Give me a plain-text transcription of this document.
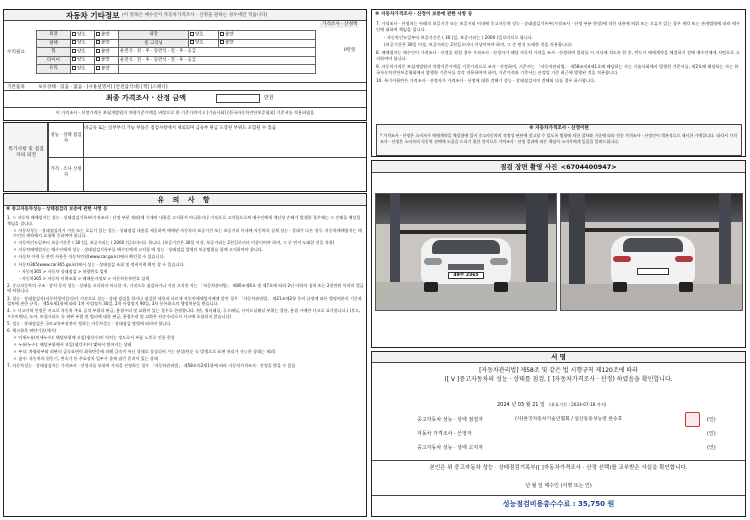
자동차 기타정보 (이 항목은 매수인이 자동차가격조사 · 산정을 원하는 경우에만 적습니다)
가격조사 · 산정액
0만원
수리필요
외장	양호	불량	내장	양호	불량
광택	양호	불량	룸 크리닝	양호	불량
휠	양호	불량	운전석 · 전 · 후 · 동반석 · 전 · 후 · 응급		
타이어	양호	불량	운전석 · 전 · 후 · 동반석 · 전 · 후 · 응급		
유리	양호	불량			
기본품목	보유상태 · 있음 · 없음 · [사용설명서] [안전삼각대] [잭] [스패너]
최종 가격조사 · 산정 금액	만원
이 가격조사 · 산정가격은 보험개발원의 차량기준가액을 바탕으로 한 기준가격이고 [기술사회] [한국자동차진단보증협회] 기준서를 적용하였음
특기사항 및 점검자의 의견
비금속 또는 일부부식 가능 부품은 점검사항에서 제외되며 금속부 판금 도장된 부위도 포함될 수 있음
성능 · 상태 점검자
가격 · 조사 산정자
유 의 사 항
※ 중고자동차성능 · 상태점검의 보증에 관한 사항 등

1. ㅇ 자동차 매매업자는 성능 · 상태점검기록부(가격조사 · 산정 부분 제외)에 기재된 내용을 고지하지 아니하거나 거짓으로 고지함으로써 매수인에게 재산상 손해가 발생한 경우에는 그 손해를 배상할 책임을 집니다.

ㅇ 자동차성능 · 상태점검자가 거짓 또는 오류가 있는 성능 · 상태점검 내용을 제공하여 매매된 자동차의 보증기간 또는 보증거리 이내에 자동차의 실제 성능 · 상태가 다른 경우, 자동차매매업자는 매수인의 계약해지 요청에 응하여야 합니다.

ㅇ 자동차인도일부터 보증기간은 ( 30 )일, 보증거리는 ( 2000 )킬로미터로 합니다. (보증기간은 30일 이상, 보증거리는 2천킬로미터 이상이어야 하며, 그 중 먼저 도래한 것을 적용)

ㅇ 자동차매매업자는 매수인에게 성능 · 상태점검기록부를 매수인에게 고지할 때 성능 · 상태점검 업체의 보증범위를 함께 고지하여야 합니다.

ㅇ 자동차 이력 등 관련 사항은 자동차민원(www.car.go.kr)에서 확인할 수 있습니다.

ㅇ 자동차365(www.car365.go.kr)에서 성능 · 상태점검 조회 및 정비이력 확인 할 수 있습니다.

- 자동차365 > 자동차 상태점검 > 차량번호 입력

- 자동차365 > 자동차 이력조회 > 매매용자정보 > 자동차등록번호 검색

2. 중고자동차의 구조 · 장치 등의 성능 · 상태를 고지하지 아니한 자, 거짓으로 점검하거나 거짓 고지한 자는 「자동차관리법」 제80조제6호 및 제7호에 따라 2년 이하의 징역 또는 2천만원 이하의 벌금에 처합니다.

3. 성능 · 상태점검자(자동차정비업자)가 거짓으로 성능 · 상태 점검을 하거나 점검한 내용과 다르게 자동차매매업자에게 알린 경우 「자동차관리법」 제21조제2항 등의 규정에 따른 행정처분의 기준과 절차에 관한 규칙」 제5조제1항에 따라 1차 사업정지 30일, 2차 사업정지 90일, 3차 등록취소의 행정처분을 받습니다.

4. ㅇ 사고이력 인정은 사고로 자동차 주요 골격 부위의 판금, 용접수리 및 교환이 있는 경우로 한정합니다. (단, 쿼터패널, 루프패널, 사이드실패널 부위는 절단, 용접 시에만 사고로 표기합니다.) (후드, 프론트펜더, 도어, 트렁크리드 등 외판 부위 및 범퍼에 대한 판금, 용접수리 및 교환은 단순수리로서 사고에 포함되지 않습니다)

5. 성능 · 상태점검은 국토교통부장관이 정하는 자동차성능 · 상태점검 방법에 따라야 합니다.

6. 체크항목 판단기준(예시)

ㅇ 미세누유(미세누수): 해당부위에 오일(냉각수)이 비치는 정도로서 부품 노후로 인한 현상

ㅇ 누유(누수): 해당부위에서 오일(냉각수)이 맺혀서 떨어지는 상태

ㅇ 부식: 차량하부와 외판의 금속표면이 화학반응에 의해 금속이 아닌 상태로 상실되어 가는 현상(단순 녹 발생으로 표면 처리가 가능한 상태는 제외)

ㅇ 침수: 자동차의 원동기, 변속기 등 주요장치 일부가 물에 잠긴 흔적이 있는 상태

7. 자동차성능 · 상태점검자는 가격조사 · 산정자를 통하여 가격을 산정하는 경우 「자동차관리법」 제58조의2제1항에 따라 자동차가격조사 · 산정을 받을 수 있음

※ 자동차가격조사 · 산정이 보증에 관한 사항 등

7. 가격조사 · 산정자는 아래의 보증기간 또는 보증거리 이내에 중고자동차 성능 · 상태점검기록부(가격조사 · 산정 부분 한정)에 적힌 내용에 허위 또는 오류가 있는 경우 계약 또는 관계법령에 따라 매수인에 대하여 책임을 집니다.

- 자동차인도일부터 보증기간은 ( 30 )일, 보증거리는 ( 2000 )킬로미터로 합니다.

(보증기간은 30일 이상, 보증거리는 2천킬로미터 이상이어야 하며, 그 중 먼저 도래한 것을 적용합니다)

8. 매매업자는 매수인이 가격조사 · 산정을 원할 경우 가격조사 · 산정자가 해당 자동차 가격을 조사 · 산정하여 결과를 이 서식에 적도록 한 후, 반드시 매매계약을 체결하기 전에 매수인에게 서면으로 고지하여야 합니다.

9. 자동차가격은 보험개발원의 차량기준가액을 기준가격으로 조사 · 산정하며, 기준서는 「자동차관리법」 제58조의4제1호에 해당하는 자는 기술사회에서 발행한 기준서를, 제2호에 해당하는 자는 한국자동차진단보증협회에서 발행한 기준서를 각각 적용하여야 하며, 기준가격과 기준서는 산정일 기준 최근에 발행된 것을 적용합니다.

10. 특기사항란은 가격조사 · 산정자가 가격조사 · 산정에 대한 견해가 성능 · 상태점검자의 견해와 다를 경우 표시합니다.

※ 자동차가격조사 · 산정이란
* 가격조사 · 산정은 소비자가 매매계약을 체결함에 있어 중고자동차의 적정성 판단에 참고할 수 있도록 법령에 의한 절차와 기준에 따라 전문 가격조사 · 산정인이 객관적으로 제시한 가액입니다. 따라서 가격조사 · 산정은 소비자의 자동차 선택에 도움을 드리기 위한 것이므로 가격조사 · 산정 결과에 따른 책임이 소비자에게 있음을 알려드립니다.
점검 장면 촬영 사진 <6704400947>
49주 2365
서 명
[자동차관리법] 제58조 및 같은 법 시행규칙 제120조에 따라
([ V ]중고자동차의 성능 · 상태를 점검, [ ]자동차가격조사 · 산정) 하였음을 확인합니다.
2024 년 03 월 21 일 (유효기간 : 2024-07-18 까지)
중고자동차 성능 · 상태 점검자	(사)한국자동차기술인협회 / 일산동동성능장 한승호	(인)
자동차 가격조사 · 산정자	(인)
중고자동차 성능 · 상태 고지자	(인)
본인은 위 중고자동차 성능 · 상태점검기록부([ ]자동차가격조사 · 산정 선택)를 교부받은 사실을 확인합니다.
년 월 일 매수인 (서명 또는 인)
성능점검비용총수수료 : 35,750 원
